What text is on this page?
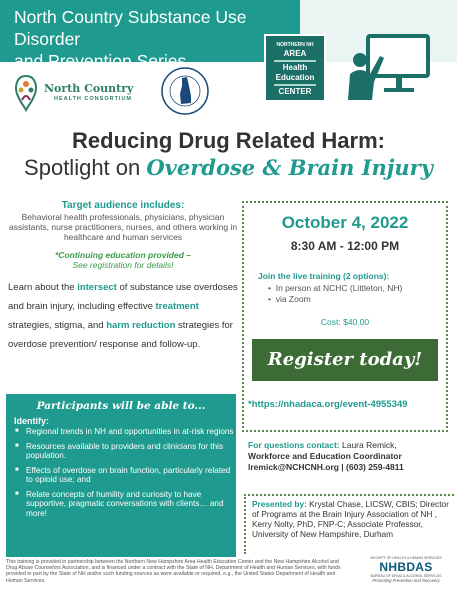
North Country Substance Use Disorder
and Prevention Series
NORTHERN NH
AREA
Health
Education
CENTER
North Country
HEALTH CONSORTIUM
Reducing Drug Related Harm:
Spotlight on Overdose & Brain Injury
Target audience includes:
Behavioral health professionals, physicians, physician assistants, nurse practitioners, nurses, and others working in healthcare and human services
*Continuing education provided –
See registration for details!
Learn about the intersect of substance use overdoses and brain injury, including effective treatment strategies, stigma, and harm reduction strategies for overdose prevention/ response and follow-up.
October 4, 2022
8:30 AM - 12:00 PM
Join the live training (2 options):
•  In person at NCHC (Littleton, NH)
•  via Zoom
Cost: $40.00
Register today!
*https://nhadaca.org/event-4955349
For questions contact: Laura Remick,
Workforce and Education Coordinator
lremick@NCHCNH.org | (603) 259-4811
Presented by: Krystal Chase, LICSW, CBIS; Director of Programs at the Brain Injury Association of NH , Kerry Nolty, PhD, FNP-C; Associate Professor, University of New Hampshire, Durham
Participants will be able to...
Identify:
■ Regional trends in NH and opportunities in at-risk regions
■ Resources available to providers and clinicians for this population.
■ Effects of overdose on brain function, particularly related to opioid use; and
■ Relate concepts of humility and curiosity to have supportive, pragmatic conversations with clients… and more!
This training is provided in partnership between the Northern New Hampshire Area Health Education Center and the New Hampshire Alcohol and Drug Abuse Counselors Association, and is financed under a contract with the State of NH, Department of Health and Human Services, with funds provided in part by the State of NH and/or such funding sources as were available or required, e.g., the United States Department of Health and Human Services.
NH DEPT OF HEALTH & HUMAN SERVICES
NHBDAS
BUREAU OF DRUG & ALCOHOL SERVICES
Promoting Prevention and Recovery
